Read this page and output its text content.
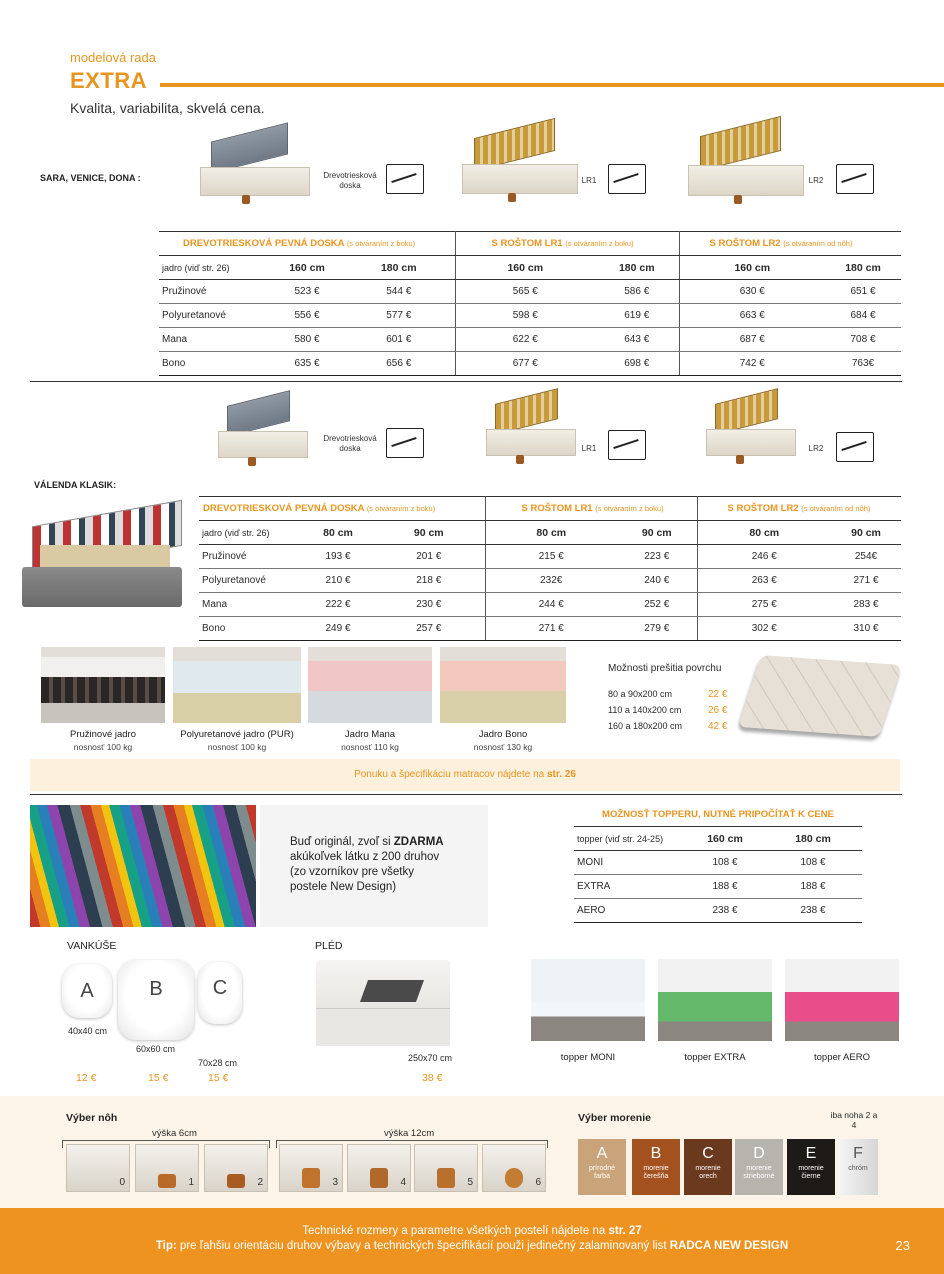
modelová rada
EXTRA
Kvalita, variabilita, skvelá cena.
SARA, VENICE, DONA :	Drevotriesková doska
LR1	LR2
DREVOTRIESKOVÁ PEVNÁ DOSKA (s otváraním z boku)			S ROŠTOM LR1 (s otváraním z boku)		S ROŠTOM LR2 (s otváraním od nôh)	
jadro (viď str. 26)	160 cm	180 cm	160 cm	180 cm	160 cm	180 cm
Pružinové	523 €	544 €	565 €	586 €	630 €	651 €
Polyuretanové	556 €	577 €	598 €	619 €	663 €	684 €
Mana	580 €	601 €	622 €	643 €	687 €	708 €
Bono	635 €	656 €	677 €	698 €	742 €	763€
Drevotriesková doska	LR1	LR2
VÁLENDA KLASIK:
DREVOTRIESKOVÁ PEVNÁ DOSKA (s otváraním z boku)			S ROŠTOM LR1 (s otváraním z boku)		S ROŠTOM LR2 (s otváraním od nôh)	
jadro (viď str. 26)	80 cm	90 cm	80 cm	90 cm	80 cm	90 cm
Pružinové	193 €	201 €	215 €	223 €	246 €	254€
Polyuretanové	210 €	218 €	232€	240 €	263 €	271 €
Mana	222 €	230 €	244 €	252 €	275 €	283 €
Bono	249 €	257 €	271 €	279 €	302 €	310 €
Pružinové jadro
nosnosť 100 kg
Polyuretanové jadro (PUR)
nosnosť 100 kg
Jadro Mana
nosnosť 110 kg
Jadro Bono
nosnosť 130 kg
Možnosti prešitia povrchu
80 a 90x200 cm	22 €
110 a 140x200 cm	26 €
160 a 180x200 cm	42 €
Ponuku a špecifikáciu matracov nájdete na str. 26
Buď originál, zvoľ si ZDARMA
akúkoľvek látku z 200 druhov
(zo vzorníkov pre všetky
postele New Design)
MOŽNOSŤ TOPPERU, NUTNÉ PRIPOČÍTAŤ K CENE
topper (viď str. 24-25)	160 cm	180 cm
MONI	108 €	108 €
EXTRA	188 €	188 €
AERO	238 €	238 €
VANKÚŠE
A	B	C
40x40 cm
60x60 cm
70x28 cm
12 €	15 €	15 €
PLÉD
250x70 cm
38 €
topper MONI	topper EXTRA	topper AERO
Výber nôh
výška 6cm	výška 12cm
0	1	2	3	4	5	6
Výber morenie	iba noha 2 a 4
A
prírodné
farba
B
morenie
čerešňa
C
morenie
orech
D
morenie
strieborné
E
morenie
čierne
F
chróm
Technické rozmery a parametre všetkých postelí nájdete na str. 27
Tip: pre ľahšiu orientáciu druhov výbavy a technických špecifikácií použi jedinečný zalaminovaný list RADCA NEW DESIGN	23
